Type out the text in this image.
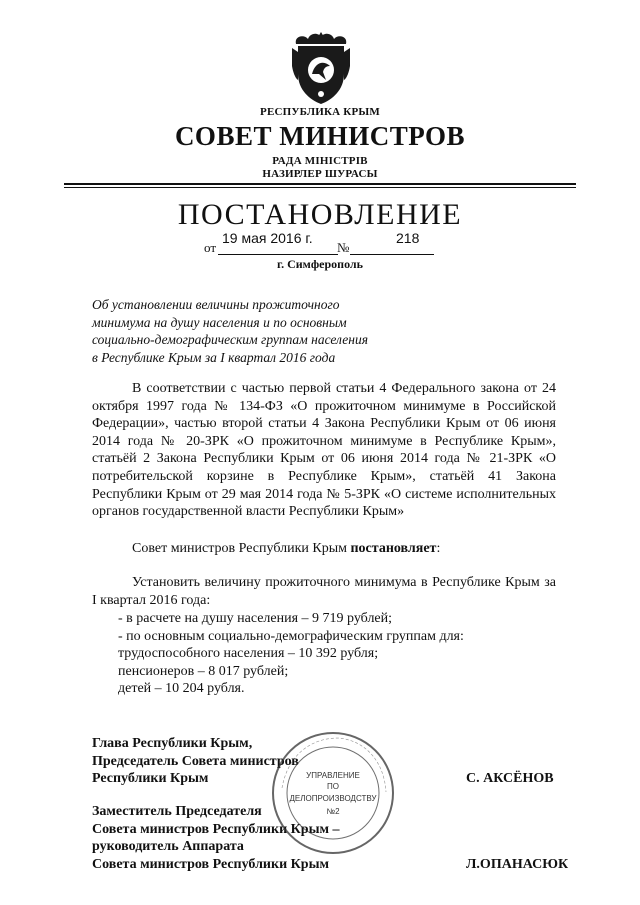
РЕСПУБЛИКА КРЫМ
СОВЕТ МИНИСТРОВ
РАДА МІНІСТРІВ
НАЗИРЛЕР ШУРАСЫ
ПОСТАНОВЛЕНИЕ
от
19 мая 2016 г.
№
218
г. Симферополь
Об установлении величины прожиточного
минимума на душу населения и по основным
социально-демографическим группам населения
в Республике Крым за I квартал 2016 года
В соответствии с частью первой статьи 4 Федерального закона от 24 октября 1997 года № 134-ФЗ «О прожиточном минимуме в Российской Федерации», частью второй статьи 4 Закона Республики Крым от 06 июня 2014 года № 20-ЗРК «О прожиточном минимуме в Республике Крым», статьёй 2 Закона Республики Крым от 06 июня 2014 года № 21-ЗРК «О потребительской корзине в Республике Крым», статьёй 41 Закона Республики Крым от 29 мая 2014 года № 5-ЗРК «О системе исполнительных органов государственной власти Республики Крым»
Совет министров Республики Крым постановляет:
Установить величину прожиточного минимума в Республике Крым за I квартал 2016 года:
- в расчете на душу населения – 9 719 рублей;
- по основным социально-демографическим группам для:
трудоспособного населения – 10 392 рубля;
пенсионеров – 8 017 рублей;
детей – 10 204 рубля.
Глава Республики Крым,
Председатель Совета министров
Республики Крым	С. АКСЁНОВ
Заместитель Председателя
Совета министров Республики Крым –
руководитель Аппарата
Совета министров Республики Крым	Л.ОПАНАСЮК
УПРАВЛЕНИЕ
ПО
ДЕЛОПРОИЗВОДСТВУ
№2
